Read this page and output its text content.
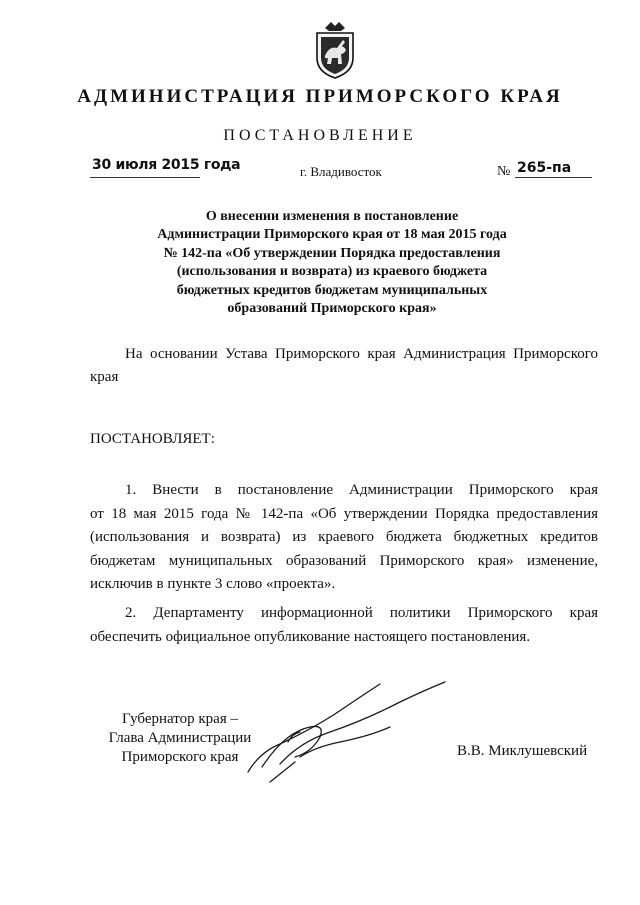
АДМИНИСТРАЦИЯ ПРИМОРСКОГО КРАЯ
ПОСТАНОВЛЕНИЕ
30 июля 2015 года	г. Владивосток	№ 265-па
О внесении изменения в постановление
Администрации Приморского края от 18 мая 2015 года
№ 142-па «Об утверждении Порядка предоставления
(использования и возврата) из краевого бюджета
бюджетных кредитов бюджетам муниципальных
образований Приморского края»
На основании Устава Приморского края Администрация Приморского
края
ПОСТАНОВЛЯЕТ:
1. Внести в постановление Администрации Приморского края
от 18 мая 2015 года № 142-па «Об утверждении Порядка предоставления
(использования и возврата) из краевого бюджета бюджетных кредитов
бюджетам муниципальных образований Приморского края» изменение,
исключив в пункте 3 слово «проекта».
2. Департаменту информационной политики Приморского края
обеспечить официальное опубликование настоящего постановления.
Губернатор края –
Глава Администрации
Приморского края	В.В. Миклушевский
